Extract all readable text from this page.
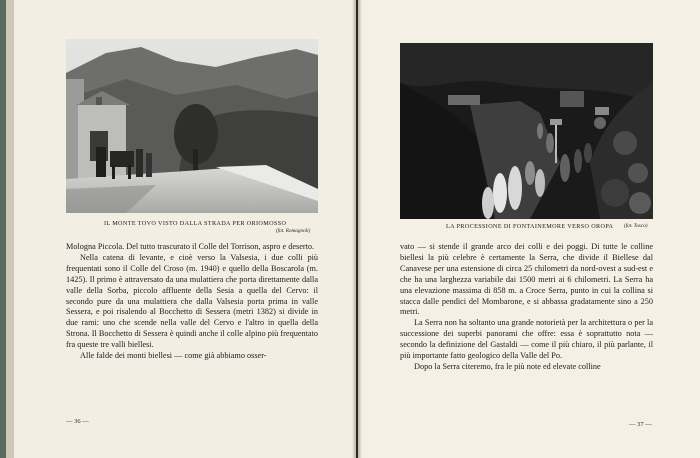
IL MONTE TOVO VISTO DALLA STRADA PER ORIOMOSSO
(fot. Romagnoli)

Mologna Piccola. Del tutto trascurato il Colle del Torrison, aspro e deserto.

Nella catena di levante, e cioè verso la Valsesia, i due colli più frequentati sono il Colle del Croso (m. 1940) e quello della Boscarola (m. 1425). Il primo è attraversato da una mulattiera che porta direttamente dalla valle della Sorba, piccolo affluente della Sesia a quella del Cervo: il secondo pure da una mulattiera che dalla Valsesia porta prima in valle Sessera, e poi risalendo al Bocchetto di Sessera (metri 1382) si divide in due rami: uno che scende nella valle del Cervo e l'altro in quella della Strona. Il Bocchetto di Sessera è quindi anche il colle alpino più frequentato fra queste tre valli biellesi.

Alle falde dei monti biellesi — come già abbiamo osser-

— 36 —
LA PROCESSIONE DI FONTAINEMORE VERSO OROPA (fot. Tosco)

vato — si stende il grande arco dei colli e dei poggi. Di tutte le colline biellesi la più celebre è certamente la Serra, che divide il Biellese dal Canavese per una estensione di circa 25 chilometri da nord-ovest a sud-est e che ha una larghezza variabile dai 1500 metri ai 6 chilometri. La Serra ha una elevazione massima di 858 m. a Croce Serra, punto in cui la collina si stacca dalle pendici del Mombarone, e si abbassa gradatamente sino a 250 metri.

La Serra non ha soltanto una grande notorietà per la architettura o per la successione dei superbi panorami che offre: essa è soprattutto nota — secondo la definizione del Gastaldi — come il più chiaro, il più parlante, il più importante fatto geologico della Valle del Po.

Dopo la Serra citeremo, fra le più note ed elevate colline

— 37 —
